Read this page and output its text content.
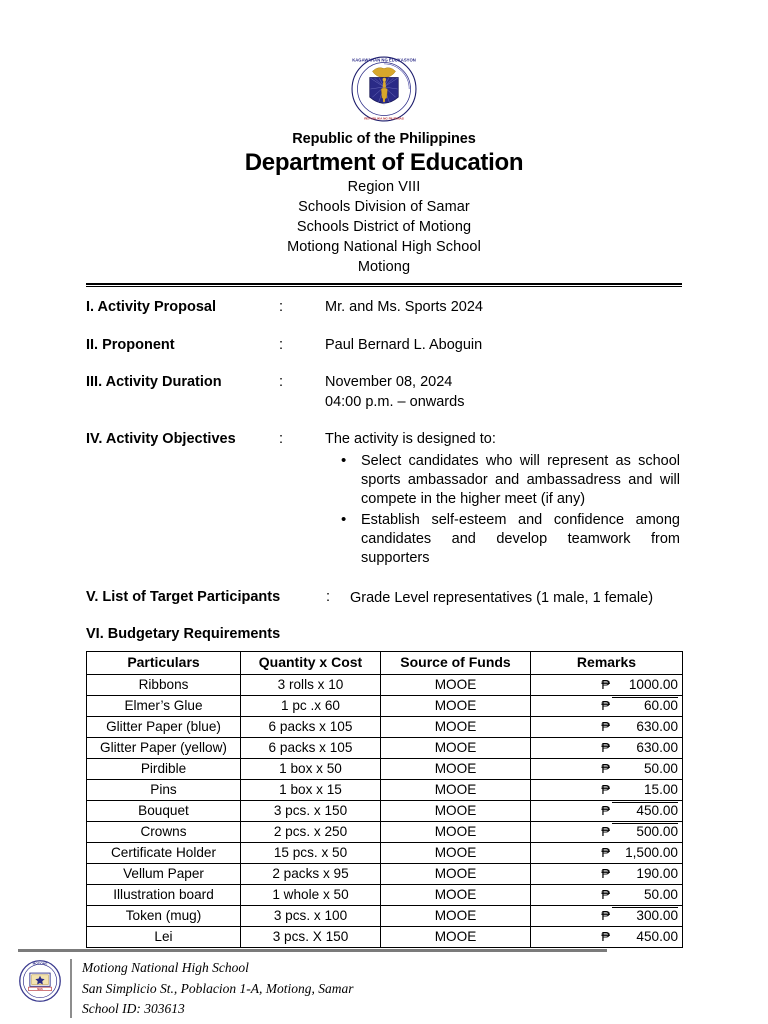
KAGAWARAN NG EDUKASYON
REPUBLIKA NG PILIPINAS
Republic of the Philippines
Department of Education
Region VIII
Schools Division of Samar
Schools District of Motiong
Motiong National High School
Motiong
I. Activity Proposal	:	Mr. and Ms. Sports 2024
II. Proponent	:	Paul Bernard L. Aboguin
III. Activity Duration	:	November 08, 2024
04:00 p.m. – onwards
IV. Activity Objectives	:	The activity is designed to:
• Select candidates who will represent as school sports ambassador and ambassadress and will compete in the higher meet (if any)
• Establish self-esteem and confidence among candidates and develop teamwork from supporters
V. List of Target Participants	:	Grade Level representatives (1 male, 1 female)
VI. Budgetary Requirements
Particulars	Quantity x Cost	Source of Funds	Remarks
Ribbons	3 rolls x 10	MOOE	₱ 1000.00

Elmer’s Glue	1 pc .x 60	MOOE	₱ 60.00

Glitter Paper (blue)	6 packs x 105	MOOE	₱ 630.00

Glitter Paper (yellow)	6 packs x 105	MOOE	₱ 630.00

Pirdible	1 box x 50	MOOE	₱ 50.00

Pins	1 box x 15	MOOE	₱ 15.00

Bouquet	3 pcs. x 150	MOOE	₱ 450.00

Crowns	2 pcs. x 250	MOOE	₱ 500.00

Certificate Holder	15 pcs. x 50	MOOE	₱ 1,500.00

Vellum Paper	2 packs x 95	MOOE	₱ 190.00

Illustration board	1 whole x 50	MOOE	₱ 50.00

Token (mug)	3 pcs. x 100	MOOE	₱ 300.00

Lei	3 pcs. X 150	MOOE	₱ 450.00
MOTIONG
NHS
Motiong National High School
San Simplicio St., Poblacion 1-A, Motiong, Samar
School ID: 303613
